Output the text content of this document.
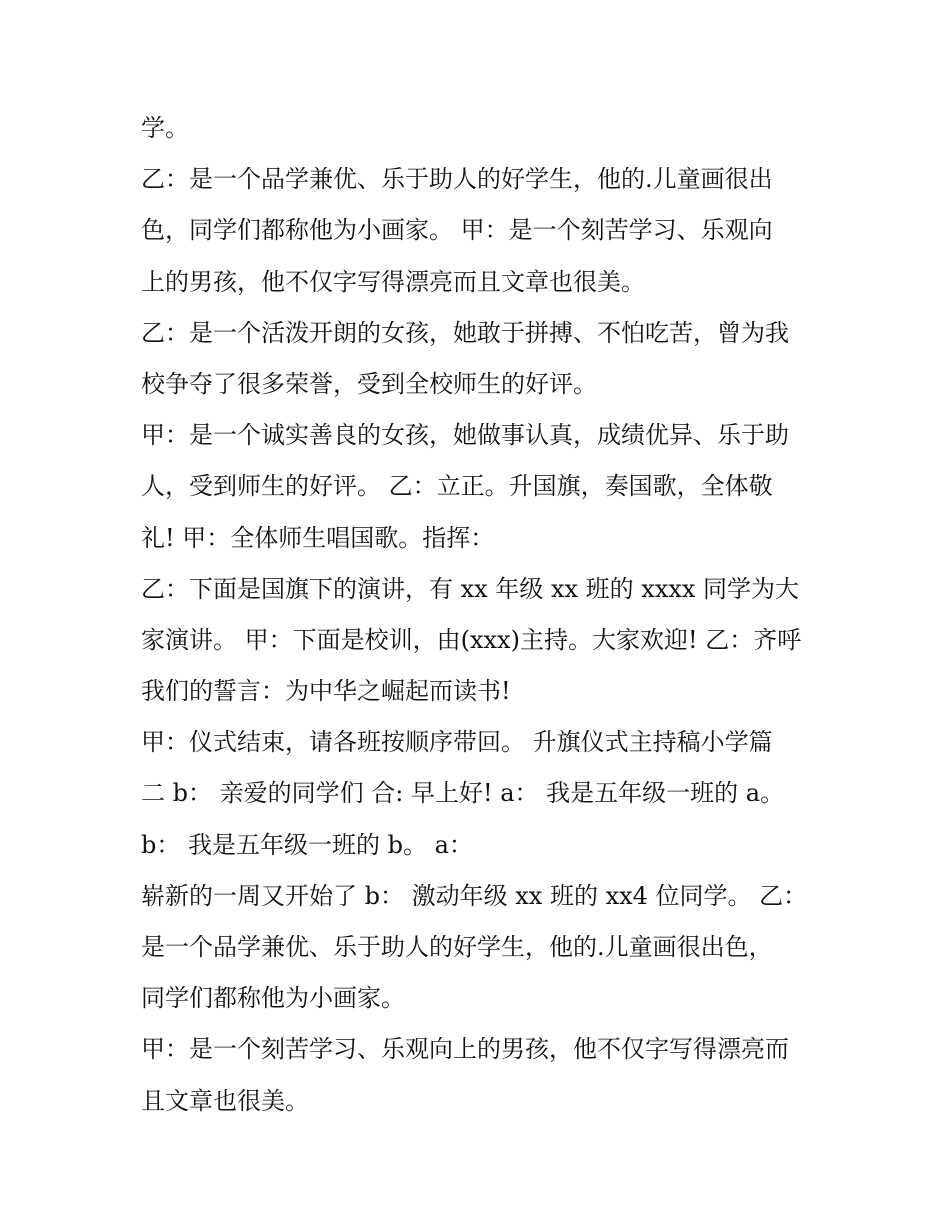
学。
乙：是一个品学兼优、乐于助人的好学生，他的.儿童画很出
色，同学们都称他为小画家。 甲：是一个刻苦学习、乐观向
上的男孩，他不仅字写得漂亮而且文章也很美。
乙：是一个活泼开朗的女孩，她敢于拼搏、不怕吃苦，曾为我
校争夺了很多荣誉，受到全校师生的好评。
甲：是一个诚实善良的女孩，她做事认真，成绩优异、乐于助
人，受到师生的好评。 乙：立正。升国旗，奏国歌，全体敬
礼! 甲：全体师生唱国歌。指挥：
乙：下面是国旗下的演讲，有 xx 年级 xx 班的 xxxx 同学为大
家演讲。 甲：下面是校训，由(xxx)主持。大家欢迎! 乙：齐呼
我们的誓言：为中华之崛起而读书!
甲：仪式结束，请各班按顺序带回。 升旗仪式主持稿小学篇
二 b： 亲爱的同学们 合: 早上好! a： 我是五年级一班的 a。
b： 我是五年级一班的 b。 a：
崭新的一周又开始了 b： 激动年级 xx 班的 xx4 位同学。 乙：
是一个品学兼优、乐于助人的好学生，他的.儿童画很出色，
同学们都称他为小画家。
甲：是一个刻苦学习、乐观向上的男孩，他不仅字写得漂亮而
且文章也很美。
